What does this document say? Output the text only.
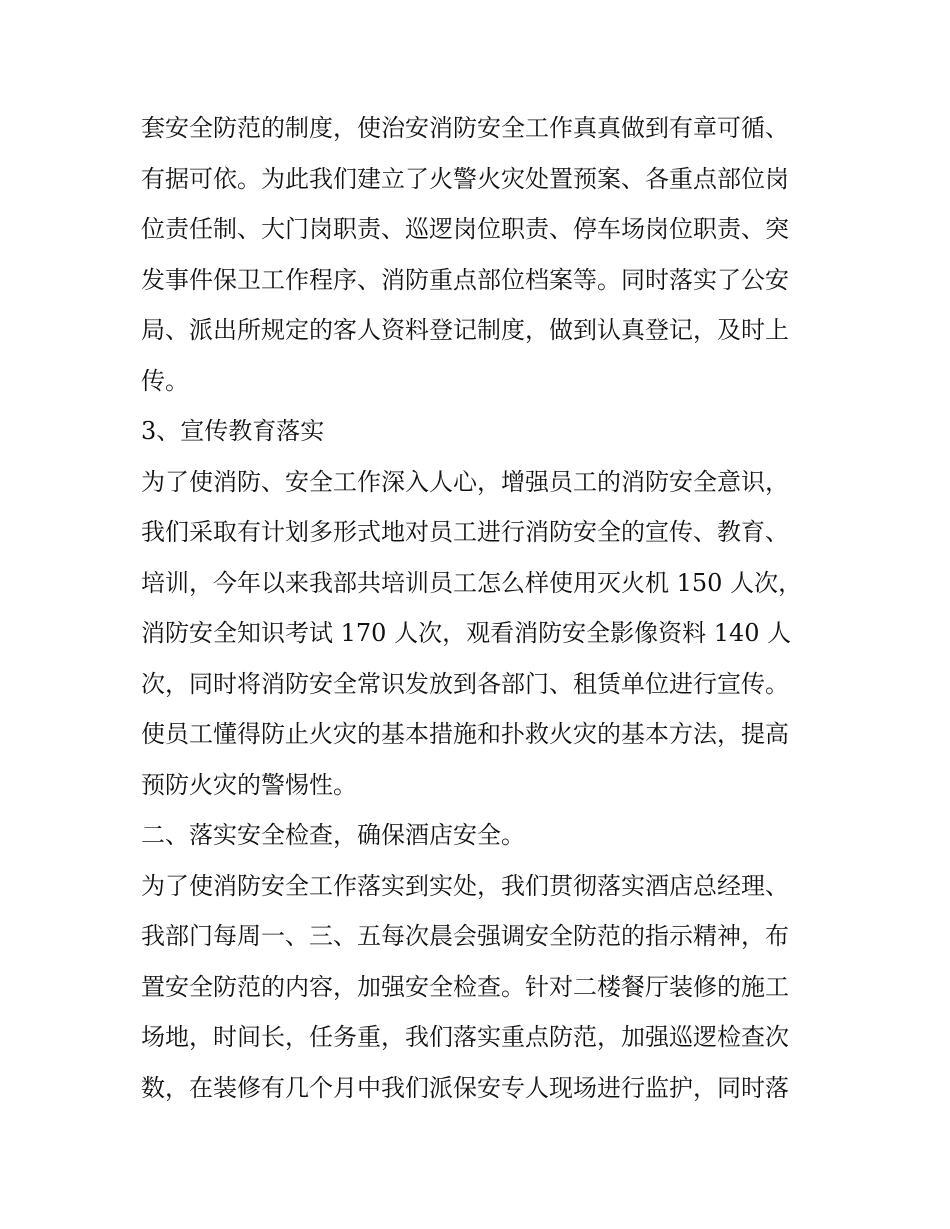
套安全防范的制度，使治安消防安全工作真真做到有章可循、
有据可依。为此我们建立了火警火灾处置预案、各重点部位岗
位责任制、大门岗职责、巡逻岗位职责、停车场岗位职责、突
发事件保卫工作程序、消防重点部位档案等。同时落实了公安
局、派出所规定的客人资料登记制度，做到认真登记，及时上
传。
3、宣传教育落实
为了使消防、安全工作深入人心，增强员工的消防安全意识，
我们采取有计划多形式地对员工进行消防安全的宣传、教育、
培训，今年以来我部共培训员工怎么样使用灭火机 150 人次，
消防安全知识考试 170 人次，观看消防安全影像资料 140 人
次，同时将消防安全常识发放到各部门、租赁单位进行宣传。
使员工懂得防止火灾的基本措施和扑救火灾的基本方法，提高
预防火灾的警惕性。
二、落实安全检查，确保酒店安全。
为了使消防安全工作落实到实处，我们贯彻落实酒店总经理、
我部门每周一、三、五每次晨会强调安全防范的指示精神，布
置安全防范的内容，加强安全检查。针对二楼餐厅装修的施工
场地，时间长，任务重，我们落实重点防范，加强巡逻检查次
数，在装修有几个月中我们派保安专人现场进行监护，同时落
